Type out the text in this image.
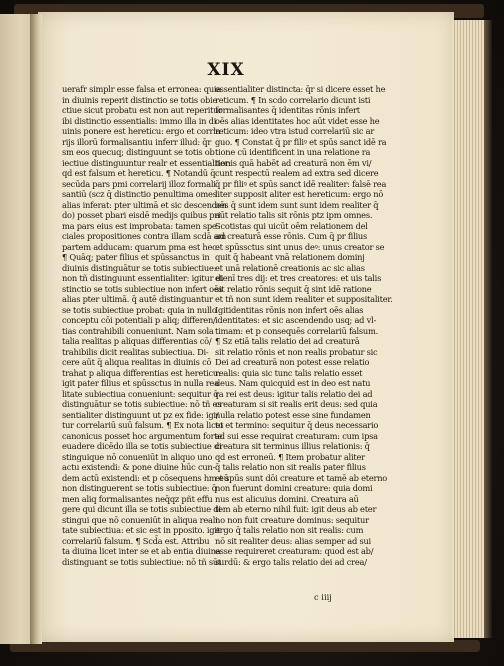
XIX
uerafr simplr esse falsa et erronea: quia
in diuinis reperit distinctio se totis obie
ctiue sicut probatu est non aut reperitur
ibi distinctio essentialis: immo illa in di
uinis ponere est hereticu: ergo et corrla
rijs illorū formalisantiu inferr illud: q̄r
sm eos quecuq; distinguunt se totis ob
iectiue distinguuntur realr et essentialiter:
qd est falsum et hereticu. ¶ Notandū q̄
secūda pars pmi correlarij illoz formali
santiū (scz q̄ distinctio penultima omes
alias inferat: pter ultimā et sic descenden
do) posset pbari eisdē medijs quibus pri
ma pars eius est improbata: tamen spe
ciales propositiones contra illam scdā am
partem adducam: quarum pma est hec.
¶ Quāq; pater filius et spūssanctus in
diuinis distinguātur se totis subiectiue:
non tñ distinguunt essentialiter: igitur di
stinctio se totis subiectiue non infert oēs
alias pter ultimā. q̄ autē distinguantur
se totis subiectiue probat: quia in nullo
conceptu cōi potentiali p aliq; differen/
tias contrahibili conueniunt. Nam sola
talia realitas p aliquas differentias cō/
trahibilis dicit realitas subiectiua. Di-
cere aūt q̄ aliqua realitas in diuinis cō
trahat p aliqua differentias est hereticu:
igit pater filius et spūssctus in nulla rea
litate subiectiua conueniunt: sequitur q̄
distinguātur se totis subiectiue: nō tñ es
sentialiter distinguunt ut pz ex fide: igi/
tur correlariū suū falsum. ¶ Ex nota licet
canonicus posset hoc argumentum forte
euadere dicēdo illa se totis subiectiue di
stinguique nō conueniūt in aliquo uno
actu existendi: & pone diuine hūc cun-
dem actū existendi: et p cōsequens hm eū
non distinguerent se totis subiectiue: q̄
men aliq formalisantes neq̄qz pñt effu
gere qui dicunt illa se totis subiectiue di
stingui que nō conueniūt in aliqua reali
tate subiectiua: et sic est in pposito. igit
correlariū falsum. ¶ Scd̄a est. Attribu
ta diuina licet inter se et ab entia diuina
distinguant se totis subiectiue: nō tñ sūt
essentialiter distincta: q̄r si dicere esset he
reticum. ¶ In scdo correlario dicunt isti
formalisantes q̄ identitas rōnis infert
oēs alias identitates hoc aūt videt esse he
reticum: ideo vtra istud correlariū sic ar
guo. ¶ Constat q̄ pr filiꝰ et spūs sanct idē ra
tione cū identificent in una relatione ra
tionis quā habēt ad creaturā non ēm vi/
cunt respectū realem ad extra sed dicere
q̄ pr filiꝰ et spūs sanct idē realiter: falsē rea
liter supposit aliter est hereticum: ergo nō
oēs q̄ sunt idem sunt sunt idem realiter q̄
aūt relatio talis sit rōnis ptz ipm omnes.
Scotistas qui uicūt oēm relationem del
ad creaturā esse rōnis. Cum q̄ pr filius
et spūssctus sint unus deꝰ: unus creator se
quit q̄ habeant vnā relationem dominj
et unā relationē creationis ac sic alias
etenī tres dij: et tres creatores: et uis talis
sit relatio rōnis sequit q̄ sint idē ratione
et tñ non sunt idem realiter et suppositaliter.
Igitidentitas rōnis non infert oēs alias
identitates: et sic ascendendo usq; ad vl-
timam: et p consequēs correlariū falsum.
¶ Sz etiā talis relatio dei ad creaturā
sit relatio rōnis et non realis probatur sic
Dei ad creaturā non potest esse relatio
realis: quia sic tunc talis relatio esset
deus. Nam quicquid est in deo est natu
ra rei est deus: igitur talis relatio dei ad
creaturam si sit realis erit deus: sed quia
nulla relatio potest esse sine fundamen
to et termino: sequitur q̄ deus necessario
ad sui esse requirat creaturam: cum ipsa
creatura sit terminus illius relationis: q̄
qd est erroneū. ¶ Item probatur aliter
q̄ talis relatio non sit realis pater filius
et spūs sunt dōi creature et tamē ab eterno
non fuerunt domini creature: quia domi
nus est alicuius domini. Creatura aū
tem ab eterno nihil fuit: igit deus ab eter
no non fuit creature dominus: sequitur
ergo q̄ talis relatio non sit realis: cum
nō sit realiter deus: alias semper ad sui
esse requireret creaturam: quod est ab/
surdū: & ergo talis relatio dei ad crea/
c iiij
